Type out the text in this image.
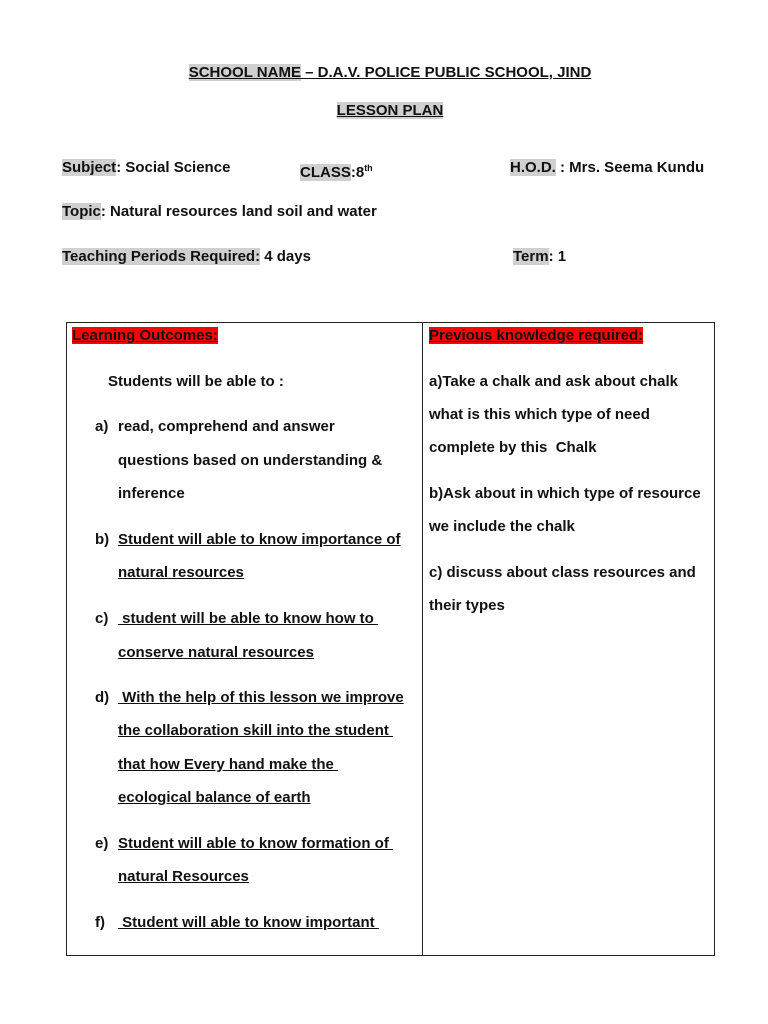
SCHOOL NAME – D.A.V. POLICE PUBLIC SCHOOL, JIND
LESSON PLAN
Subject: Social Science	CLASS:8th	H.O.D. : Mrs. Seema Kundu
Topic: Natural resources land soil and water
Teaching Periods Required: 4 days	Term: 1
Learning Outcomes:
Students will be able to :
a) read, comprehend and answer
questions based on understanding &
inference
b) Student will able to know importance of
natural resources
c) student will be able to know how to
conserve natural resources
d) With the help of this lesson we improve
the collaboration skill into the student
that how Every hand make the
ecological balance of earth
e) Student will able to know formation of
natural Resources
f) Student will able to know important

Previous knowledge required:
a)Take a chalk and ask about chalk
what is this which type of need
complete by this  Chalk
b)Ask about in which type of resource
we include the chalk
c) discuss about class resources and
their types
